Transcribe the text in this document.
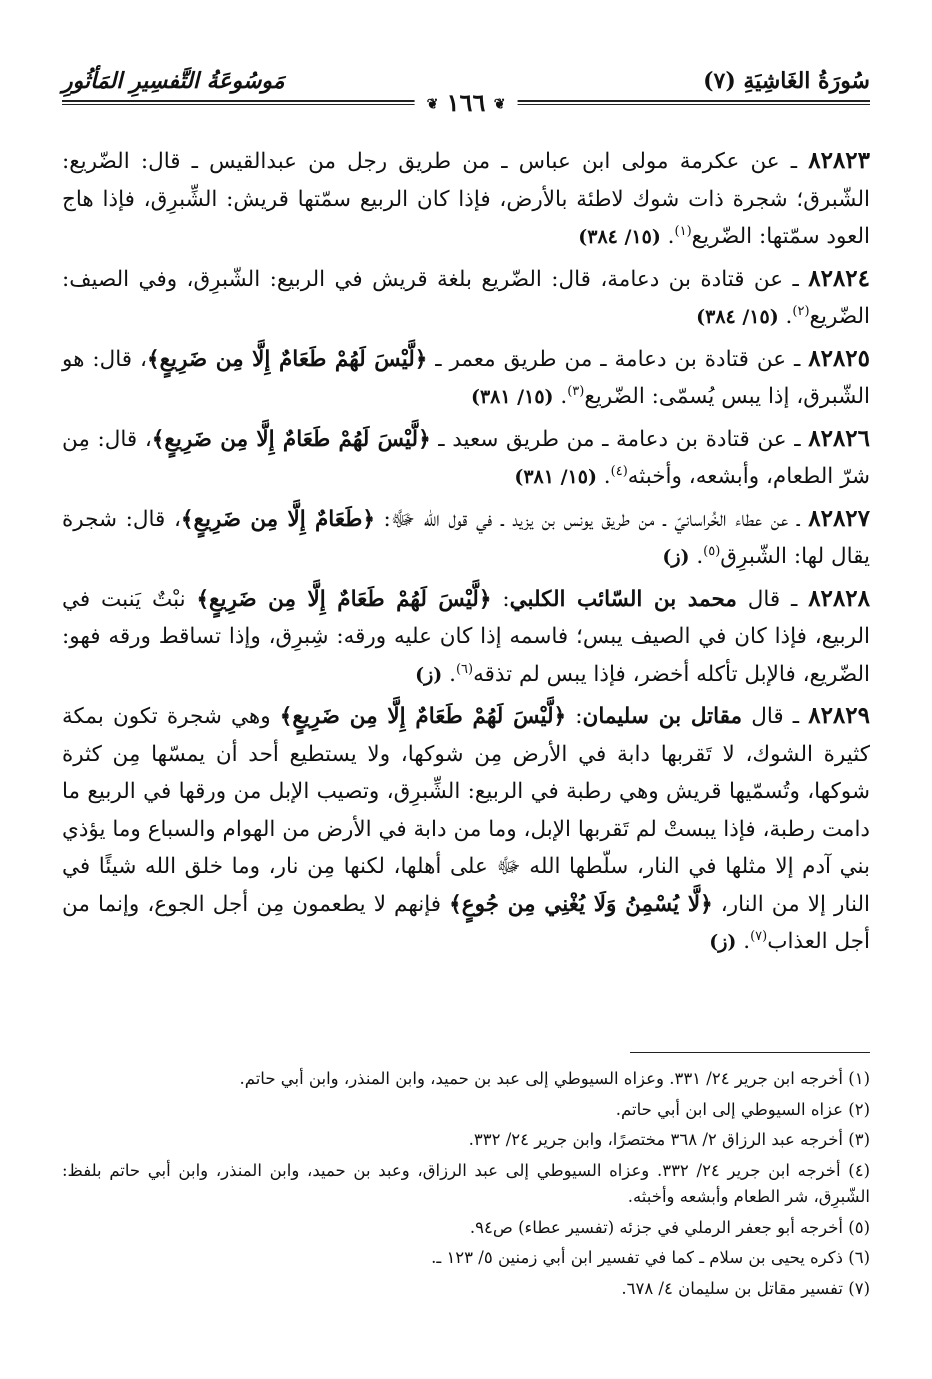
سُورَةُ الغَاشِيَةِ (٧)
مَوسُوعَةُ التَّفسِيرِ المَأثُورِ
❦ ١٦٦ ❦

٨٢٨٢٣ ـ عن عكرمة مولى ابن عباس ـ من طريق رجل من عبدالقيس ـ قال: الضّريع: الشّبرق؛ شجرة ذات شوك لاطئة بالأرض، فإذا كان الربيع سمّتها قريش: الشِّبرِق، فإذا هاج العود سمّتها: الضّريع$^{(١)}$. (١٥/ ٣٨٤)

٨٢٨٢٤ ـ عن قتادة بن دعامة، قال: الضّريع بلغة قريش في الربيع: الشّبرِق، وفي الصيف: الضّريع$^{(٢)}$. (١٥/ ٣٨٤)

٨٢٨٢٥ ـ عن قتادة بن دعامة ـ من طريق معمر ـ ﴿لَّيْسَ لَهُمْ طَعَامٌ إِلَّا مِن ضَرِيعٍ﴾، قال: هو الشّبرق، إذا يبس يُسمّى: الضّريع$^{(٣)}$. (١٥/ ٣٨١)

٨٢٨٢٦ ـ عن قتادة بن دعامة ـ من طريق سعيد ـ ﴿لَّيْسَ لَهُمْ طَعَامٌ إِلَّا مِن ضَرِيعٍ﴾، قال: مِن شرّ الطعام، وأبشعه، وأخبثه$^{(٤)}$. (١٥/ ٣٨١)

٨٢٨٢٧ ـ عن عطاء الخُراسانيّ ـ من طريق يونس بن يزيد ـ في قول الله ﷻ: ﴿طَعَامٌ إِلَّا مِن ضَرِيعٍ﴾، قال: شجرة يقال لها: الشّبرِق$^{(٥)}$. (ز)

٨٢٨٢٨ ـ قال محمد بن السّائب الكلبي: ﴿لَّيْسَ لَهُمْ طَعَامٌ إِلَّا مِن ضَرِيعٍ﴾ نبْتٌ يَنبت في الربيع، فإذا كان في الصيف يبس؛ فاسمه إذا كان عليه ورقه: شِبرِق، وإذا تساقط ورقه فهو: الضّريع، فالإبل تأكله أخضر، فإذا يبس لم تذقه$^{(٦)}$. (ز)

٨٢٨٢٩ ـ قال مقاتل بن سليمان: ﴿لَّيْسَ لَهُمْ طَعَامٌ إِلَّا مِن ضَرِيعٍ﴾ وهي شجرة تكون بمكة كثيرة الشوك، لا تَقربها دابة في الأرض مِن شوكها، ولا يستطيع أحد أن يمسّها مِن كثرة شوكها، وتُسمّيها قريش وهي رطبة في الربيع: الشِّبرِق، وتصيب الإبل من ورقها في الربيع ما دامت رطبة، فإذا يبستْ لم تَقربها الإبل، وما من دابة في الأرض من الهوام والسباع وما يؤذي بني آدم إلا مثلها في النار، سلّطها الله ﷻ على أهلها، لكنها مِن نار، وما خلق الله شيئًا في النار إلا من النار، ﴿لَّا يُسْمِنُ وَلَا يُغْنِي مِن جُوعٍ﴾ فإنهم لا يطعمون مِن أجل الجوع، وإنما من أجل العذاب$^{(٧)}$. (ز)

(١) أخرجه ابن جرير ٢٤/ ٣٣١. وعزاه السيوطي إلى عبد بن حميد، وابن المنذر، وابن أبي حاتم.

(٢) عزاه السيوطي إلى ابن أبي حاتم.

(٣) أخرجه عبد الرزاق ٢/ ٣٦٨ مختصرًا، وابن جرير ٢٤/ ٣٣٢.

(٤) أخرجه ابن جرير ٢٤/ ٣٣٢. وعزاه السيوطي إلى عبد الرزاق، وعبد بن حميد، وابن المنذر، وابن أبي حاتم بلفظ: الشّبرِق، شر الطعام وأبشعه وأخبثه.

(٥) أخرجه أبو جعفر الرملي في جزئه (تفسير عطاء) ص٩٤.

(٦) ذكره يحيى بن سلام ـ كما في تفسير ابن أبي زمنين ٥/ ١٢٣ ـ.

(٧) تفسير مقاتل بن سليمان ٤/ ٦٧٨.
